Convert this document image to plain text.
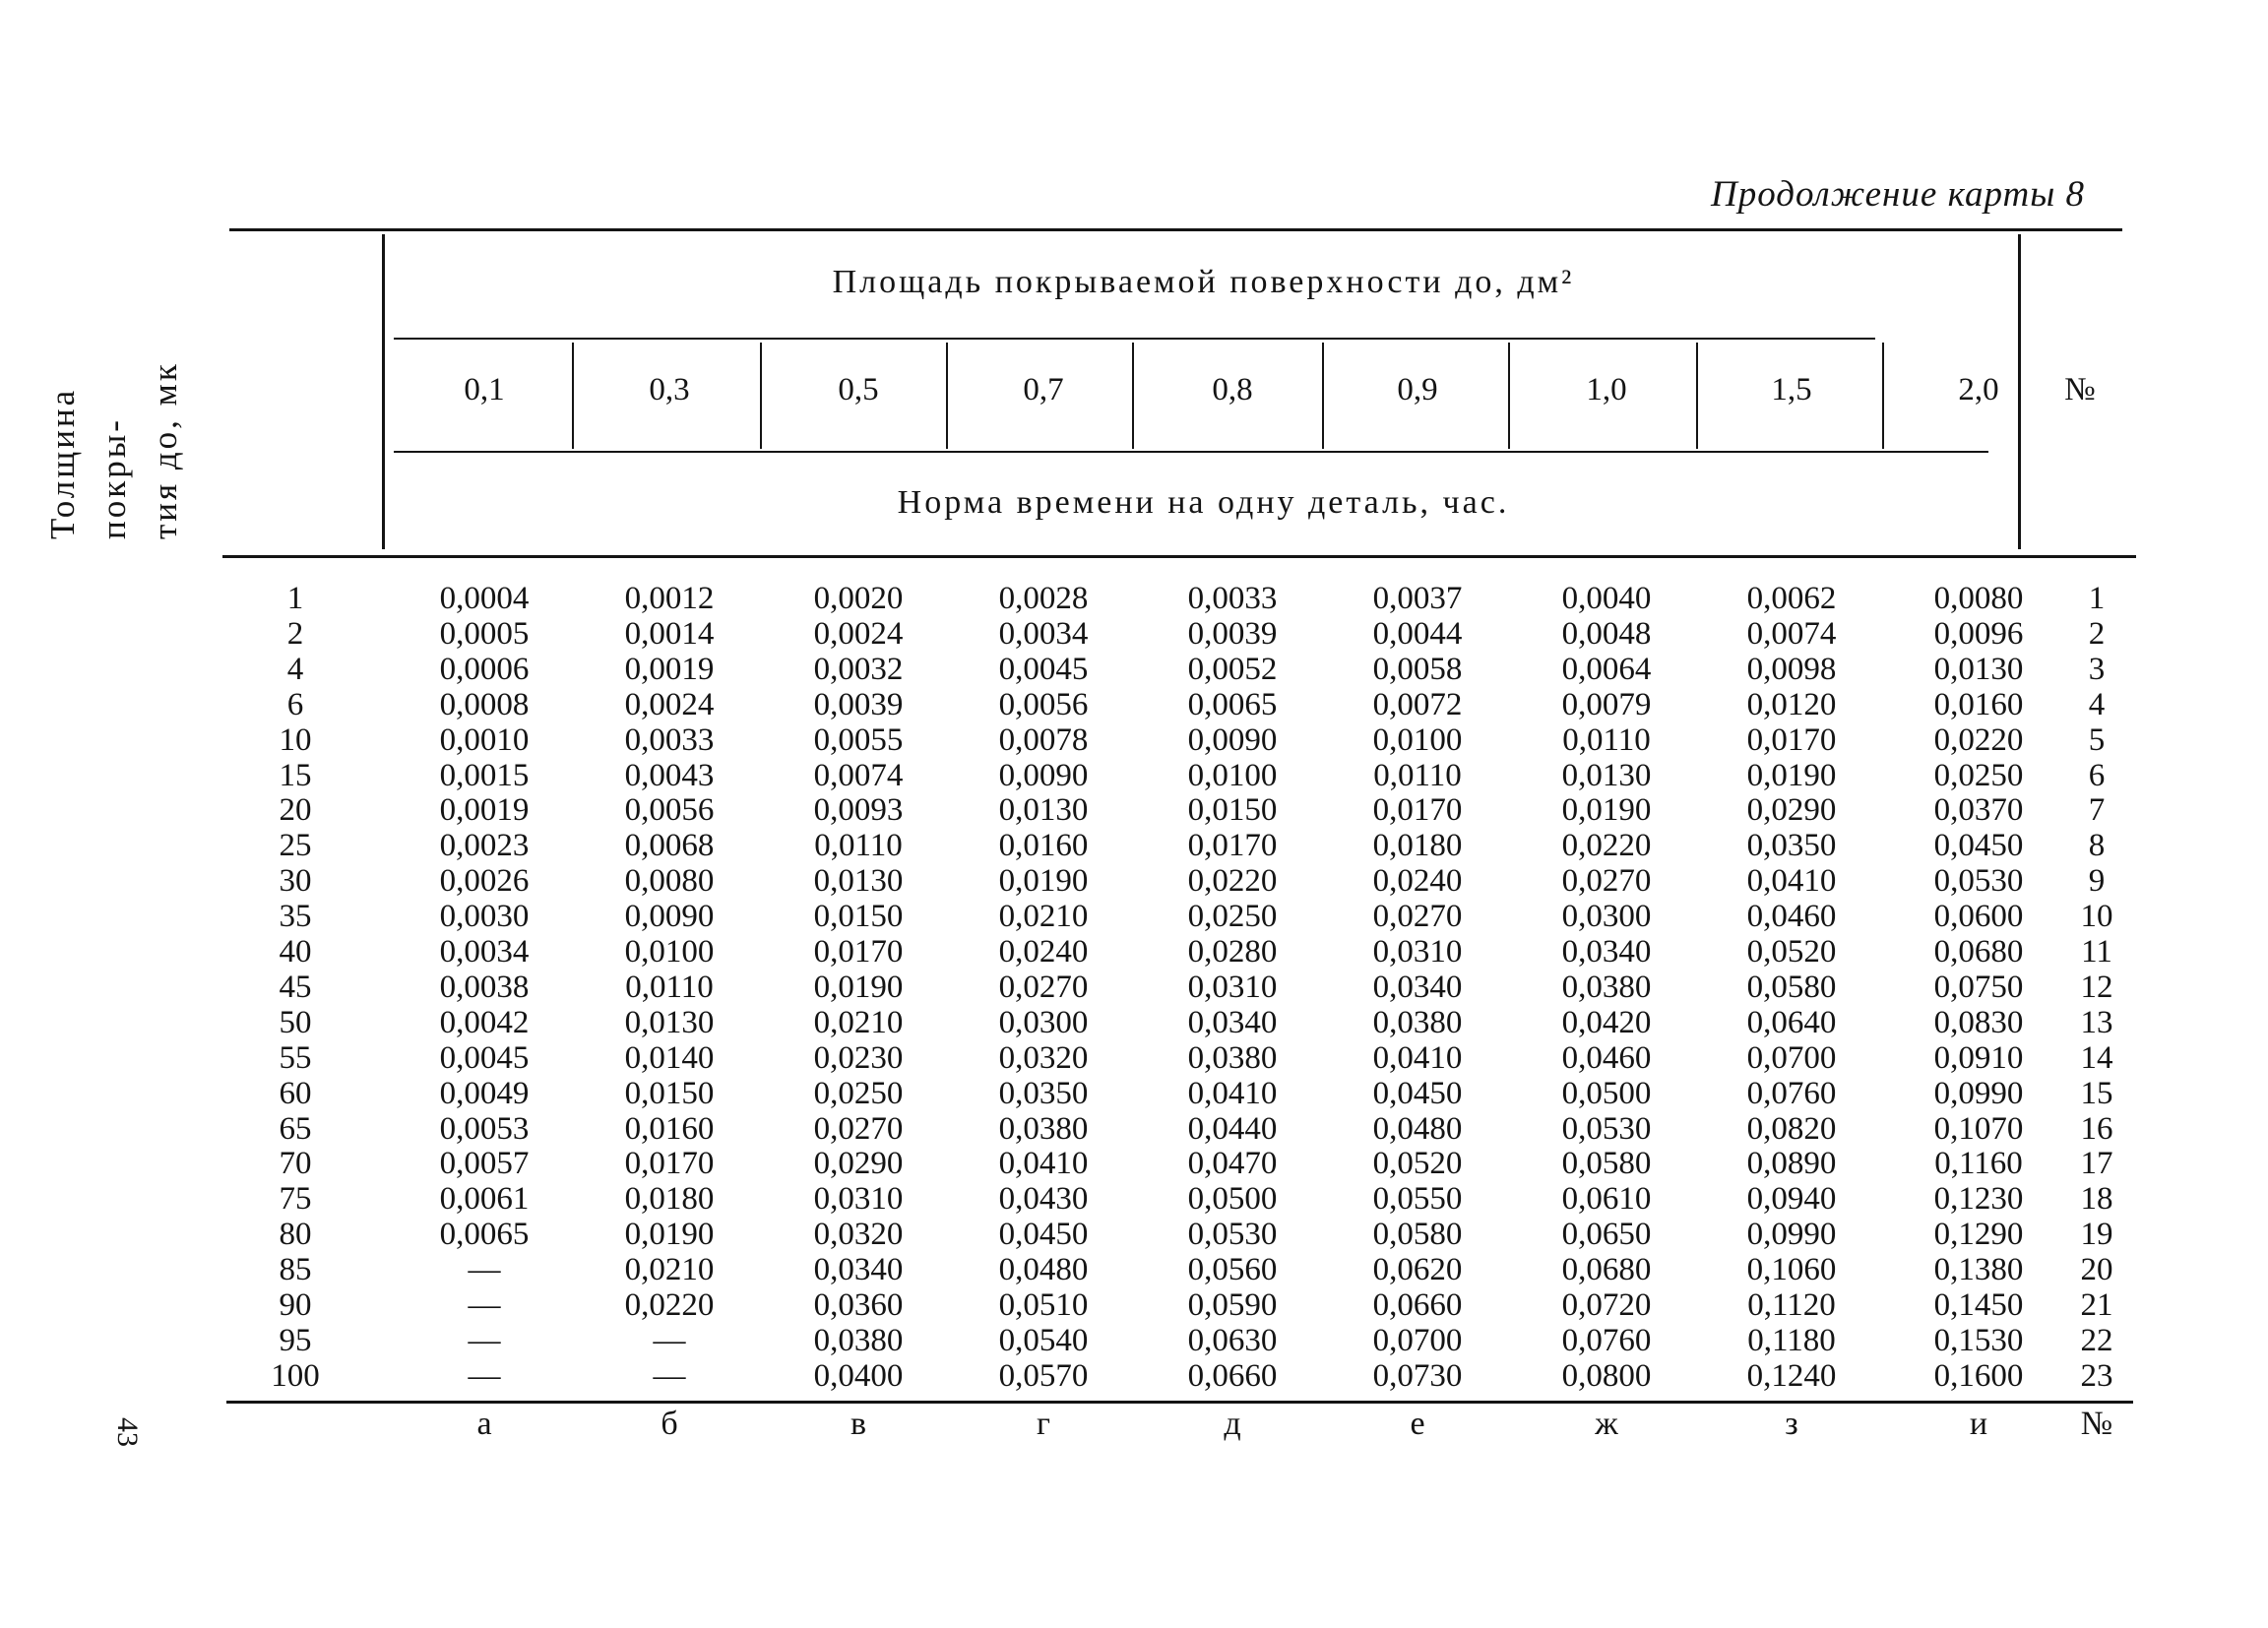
Продолжение карты 8
43
Толщина покры- тия до, мк
Площадь покрываемой поверхности до, дм²
Норма времени на одну деталь, час.
№
0,1	0,3	0,5	0,7	0,8	0,9	1,0	1,5	2,0
1	0,0004	0,0012	0,0020	0,0028	0,0033	0,0037	0,0040	0,0062	0,0080	1
2	0,0005	0,0014	0,0024	0,0034	0,0039	0,0044	0,0048	0,0074	0,0096	2
4	0,0006	0,0019	0,0032	0,0045	0,0052	0,0058	0,0064	0,0098	0,0130	3
6	0,0008	0,0024	0,0039	0,0056	0,0065	0,0072	0,0079	0,0120	0,0160	4
10	0,0010	0,0033	0,0055	0,0078	0,0090	0,0100	0,0110	0,0170	0,0220	5
15	0,0015	0,0043	0,0074	0,0090	0,0100	0,0110	0,0130	0,0190	0,0250	6
20	0,0019	0,0056	0,0093	0,0130	0,0150	0,0170	0,0190	0,0290	0,0370	7
25	0,0023	0,0068	0,0110	0,0160	0,0170	0,0180	0,0220	0,0350	0,0450	8
30	0,0026	0,0080	0,0130	0,0190	0,0220	0,0240	0,0270	0,0410	0,0530	9
35	0,0030	0,0090	0,0150	0,0210	0,0250	0,0270	0,0300	0,0460	0,0600	10
40	0,0034	0,0100	0,0170	0,0240	0,0280	0,0310	0,0340	0,0520	0,0680	11
45	0,0038	0,0110	0,0190	0,0270	0,0310	0,0340	0,0380	0,0580	0,0750	12
50	0,0042	0,0130	0,0210	0,0300	0,0340	0,0380	0,0420	0,0640	0,0830	13
55	0,0045	0,0140	0,0230	0,0320	0,0380	0,0410	0,0460	0,0700	0,0910	14
60	0,0049	0,0150	0,0250	0,0350	0,0410	0,0450	0,0500	0,0760	0,0990	15
65	0,0053	0,0160	0,0270	0,0380	0,0440	0,0480	0,0530	0,0820	0,1070	16
70	0,0057	0,0170	0,0290	0,0410	0,0470	0,0520	0,0580	0,0890	0,1160	17
75	0,0061	0,0180	0,0310	0,0430	0,0500	0,0550	0,0610	0,0940	0,1230	18
80	0,0065	0,0190	0,0320	0,0450	0,0530	0,0580	0,0650	0,0990	0,1290	19
85	—	0,0210	0,0340	0,0480	0,0560	0,0620	0,0680	0,1060	0,1380	20
90	—	0,0220	0,0360	0,0510	0,0590	0,0660	0,0720	0,1120	0,1450	21
95	—	—	0,0380	0,0540	0,0630	0,0700	0,0760	0,1180	0,1530	22
100	—	—	0,0400	0,0570	0,0660	0,0730	0,0800	0,1240	0,1600	23
а	б	в	г	д	е	ж	з	и	№
